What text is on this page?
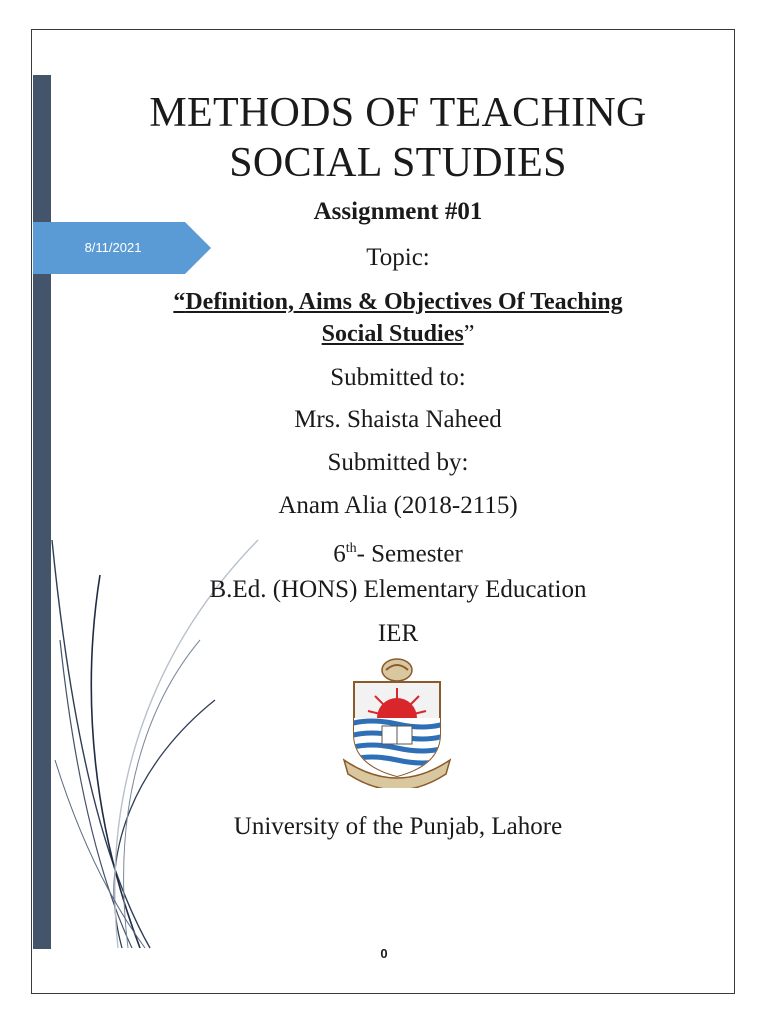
8/11/2021
METHODS OF TEACHING
SOCIAL STUDIES
Assignment #01
Topic:
“Definition, Aims & Objectives Of Teaching
Social Studies”
Submitted to:
Mrs. Shaista Naheed
Submitted by:
Anam Alia (2018-2115)
6th- Semester
B.Ed. (HONS) Elementary Education
IER
University of the Punjab, Lahore
0
